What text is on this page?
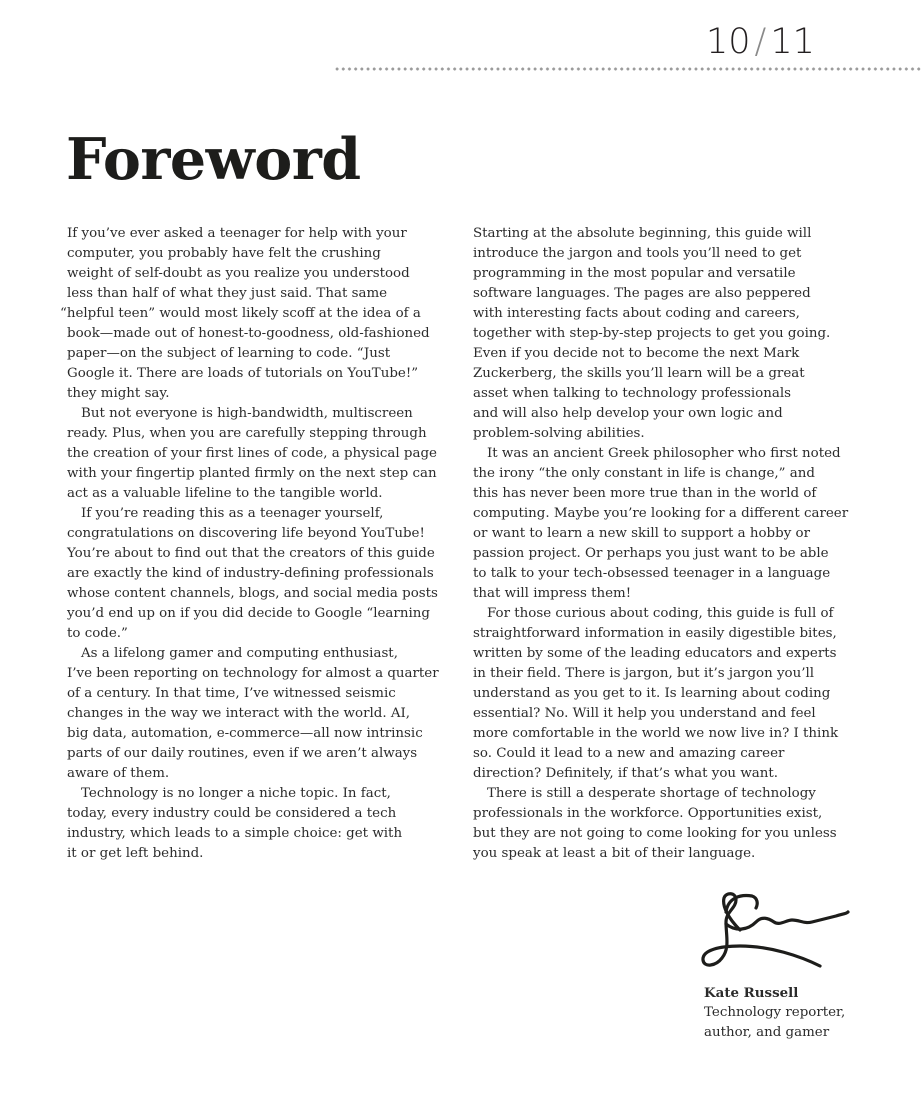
10 / 11
Foreword
If you’ve ever asked a teenager for help with your
computer, you probably have felt the crushing
weight of self-doubt as you realize you understood
less than half of what they just said. That same
“helpful teen” would most likely scoff at the idea of a
book—made out of honest-to-goodness, old-fashioned
paper—on the subject of learning to code. “Just
Google it. There are loads of tutorials on YouTube!”
they might say.
But not everyone is high-bandwidth, multiscreen
ready. Plus, when you are carefully stepping through
the creation of your first lines of code, a physical page
with your fingertip planted firmly on the next step can
act as a valuable lifeline to the tangible world.
If you’re reading this as a teenager yourself,
congratulations on discovering life beyond YouTube!
You’re about to find out that the creators of this guide
are exactly the kind of industry-defining professionals
whose content channels, blogs, and social media posts
you’d end up on if you did decide to Google “learning
to code.”
As a lifelong gamer and computing enthusiast,
I’ve been reporting on technology for almost a quarter
of a century. In that time, I’ve witnessed seismic
changes in the way we interact with the world. AI,
big data, automation, e-commerce—all now intrinsic
parts of our daily routines, even if we aren’t always
aware of them.
Technology is no longer a niche topic. In fact,
today, every industry could be considered a tech
industry, which leads to a simple choice: get with
it or get left behind.
Starting at the absolute beginning, this guide will
introduce the jargon and tools you’ll need to get
programming in the most popular and versatile
software languages. The pages are also peppered
with interesting facts about coding and careers,
together with step-by-step projects to get you going.
Even if you decide not to become the next Mark
Zuckerberg, the skills you’ll learn will be a great
asset when talking to technology professionals
and will also help develop your own logic and
problem-solving abilities.
It was an ancient Greek philosopher who first noted
the irony “the only constant in life is change,” and
this has never been more true than in the world of
computing. Maybe you’re looking for a different career
or want to learn a new skill to support a hobby or
passion project. Or perhaps you just want to be able
to talk to your tech-obsessed teenager in a language
that will impress them!
For those curious about coding, this guide is full of
straightforward information in easily digestible bites,
written by some of the leading educators and experts
in their field. There is jargon, but it’s jargon you’ll
understand as you get to it. Is learning about coding
essential? No. Will it help you understand and feel
more comfortable in the world we now live in? I think
so. Could it lead to a new and amazing career
direction? Definitely, if that’s what you want.
There is still a desperate shortage of technology
professionals in the workforce. Opportunities exist,
but they are not going to come looking for you unless
you speak at least a bit of their language.
Kate Russell
Technology reporter,
author, and gamer
